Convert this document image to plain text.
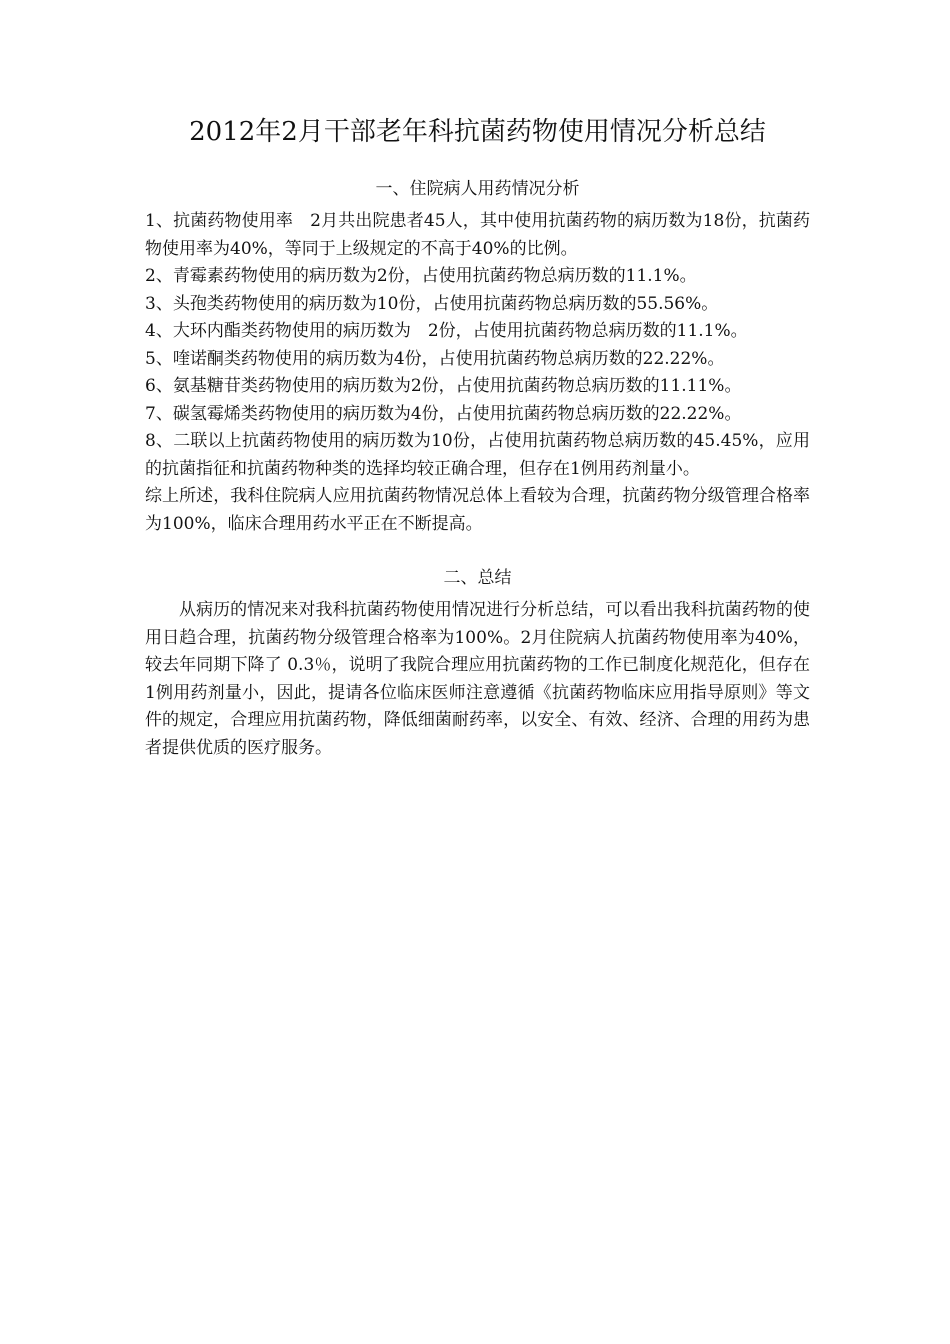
2012年2月干部老年科抗菌药物使用情况分析总结
一、住院病人用药情况分析

1、抗菌药物使用率　2月共出院患者45人，其中使用抗菌药物的病历数为18份，抗菌药物使用率为40%，等同于上级规定的不高于40%的比例。

2、青霉素药物使用的病历数为2份，占使用抗菌药物总病历数的11.1%。

3、头孢类药物使用的病历数为10份，占使用抗菌药物总病历数的55.56%。

4、大环内酯类药物使用的病历数为　2份，占使用抗菌药物总病历数的11.1%。

5、喹诺酮类药物使用的病历数为4份，占使用抗菌药物总病历数的22.22%。

6、氨基糖苷类药物使用的病历数为2份，占使用抗菌药物总病历数的11.11%。

7、碳氢霉烯类药物使用的病历数为4份，占使用抗菌药物总病历数的22.22%。

8、二联以上抗菌药物使用的病历数为10份，占使用抗菌药物总病历数的45.45%，应用的抗菌指征和抗菌药物种类的选择均较正确合理，但存在1例用药剂量小。

综上所述，我科住院病人应用抗菌药物情况总体上看较为合理，抗菌药物分级管理合格率为100%，临床合理用药水平正在不断提高。

二、总结

从病历的情况来对我科抗菌药物使用情况进行分析总结，可以看出我科抗菌药物的使用日趋合理，抗菌药物分级管理合格率为100%。2月住院病人抗菌药物使用率为40%，较去年同期下降了 0.3％，说明了我院合理应用抗菌药物的工作已制度化规范化，但存在1例用药剂量小，因此，提请各位临床医师注意遵循《抗菌药物临床应用指导原则》等文件的规定，合理应用抗菌药物，降低细菌耐药率，以安全、有效、经济、合理的用药为患者提供优质的医疗服务。
